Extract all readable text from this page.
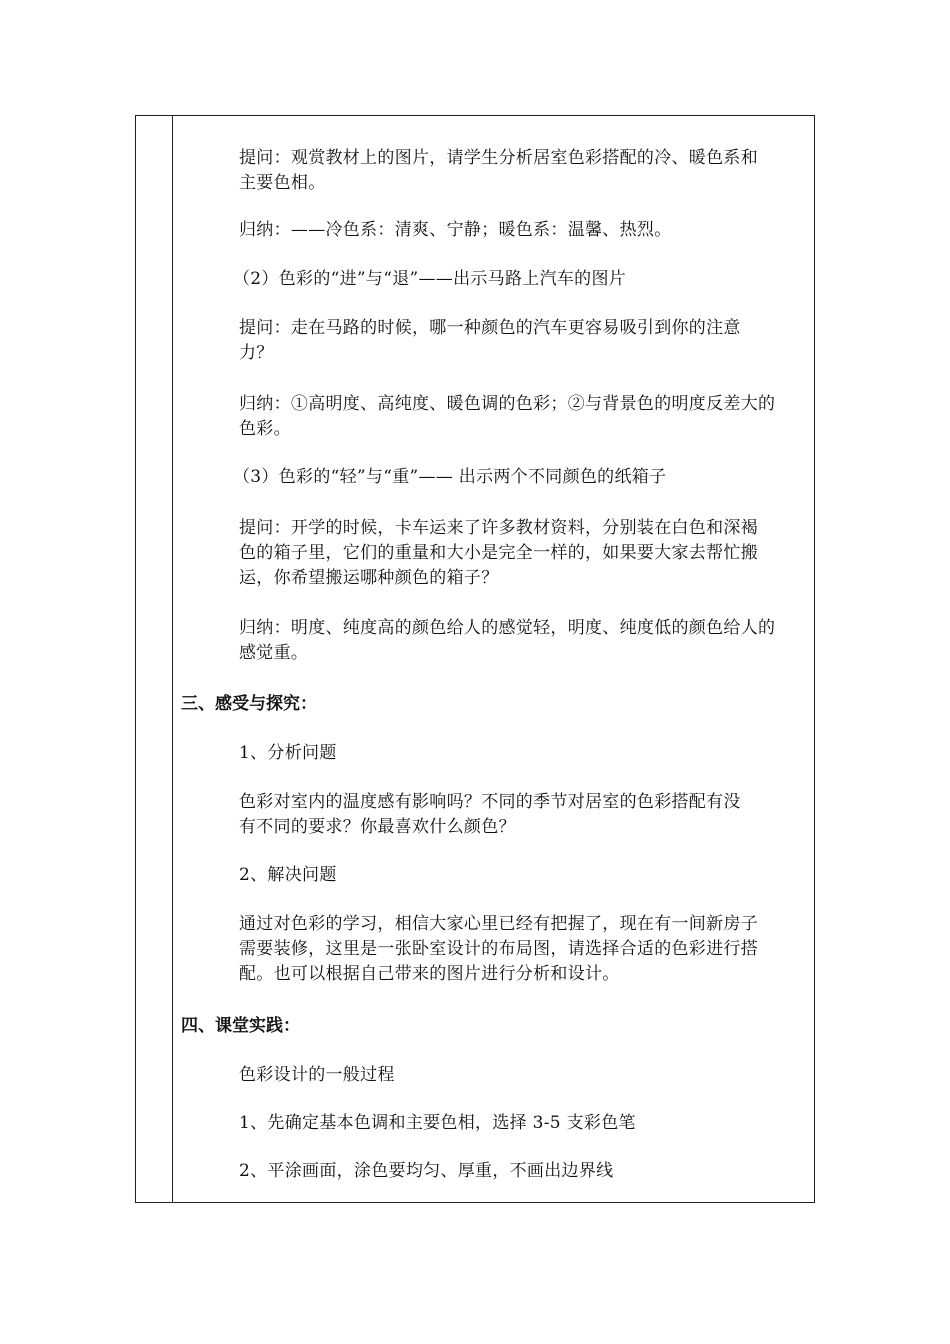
提问：观赏教材上的图片，请学生分析居室色彩搭配的冷、暖色系和
主要色相。
归纳：——冷色系：清爽、宁静；暖色系：温馨、热烈。
（2）色彩的“进”与“退”——出示马路上汽车的图片
提问：走在马路的时候，哪一种颜色的汽车更容易吸引到你的注意
力？
归纳：①高明度、高纯度、暖色调的色彩；②与背景色的明度反差大的
色彩。
（3）色彩的“轻”与“重”—— 出示两个不同颜色的纸箱子
提问：开学的时候，卡车运来了许多教材资料，分别装在白色和深褐
色的箱子里，它们的重量和大小是完全一样的，如果要大家去帮忙搬
运，你希望搬运哪种颜色的箱子？
归纳：明度、纯度高的颜色给人的感觉轻，明度、纯度低的颜色给人的
感觉重。
三、感受与探究：
1、分析问题
色彩对室内的温度感有影响吗？不同的季节对居室的色彩搭配有没
有不同的要求？你最喜欢什么颜色？
2、解决问题
通过对色彩的学习，相信大家心里已经有把握了，现在有一间新房子
需要装修，这里是一张卧室设计的布局图，请选择合适的色彩进行搭
配。也可以根据自己带来的图片进行分析和设计。
四、课堂实践：
色彩设计的一般过程
1、先确定基本色调和主要色相，选择 3-5 支彩色笔
2、平涂画面，涂色要均匀、厚重，不画出边界线
